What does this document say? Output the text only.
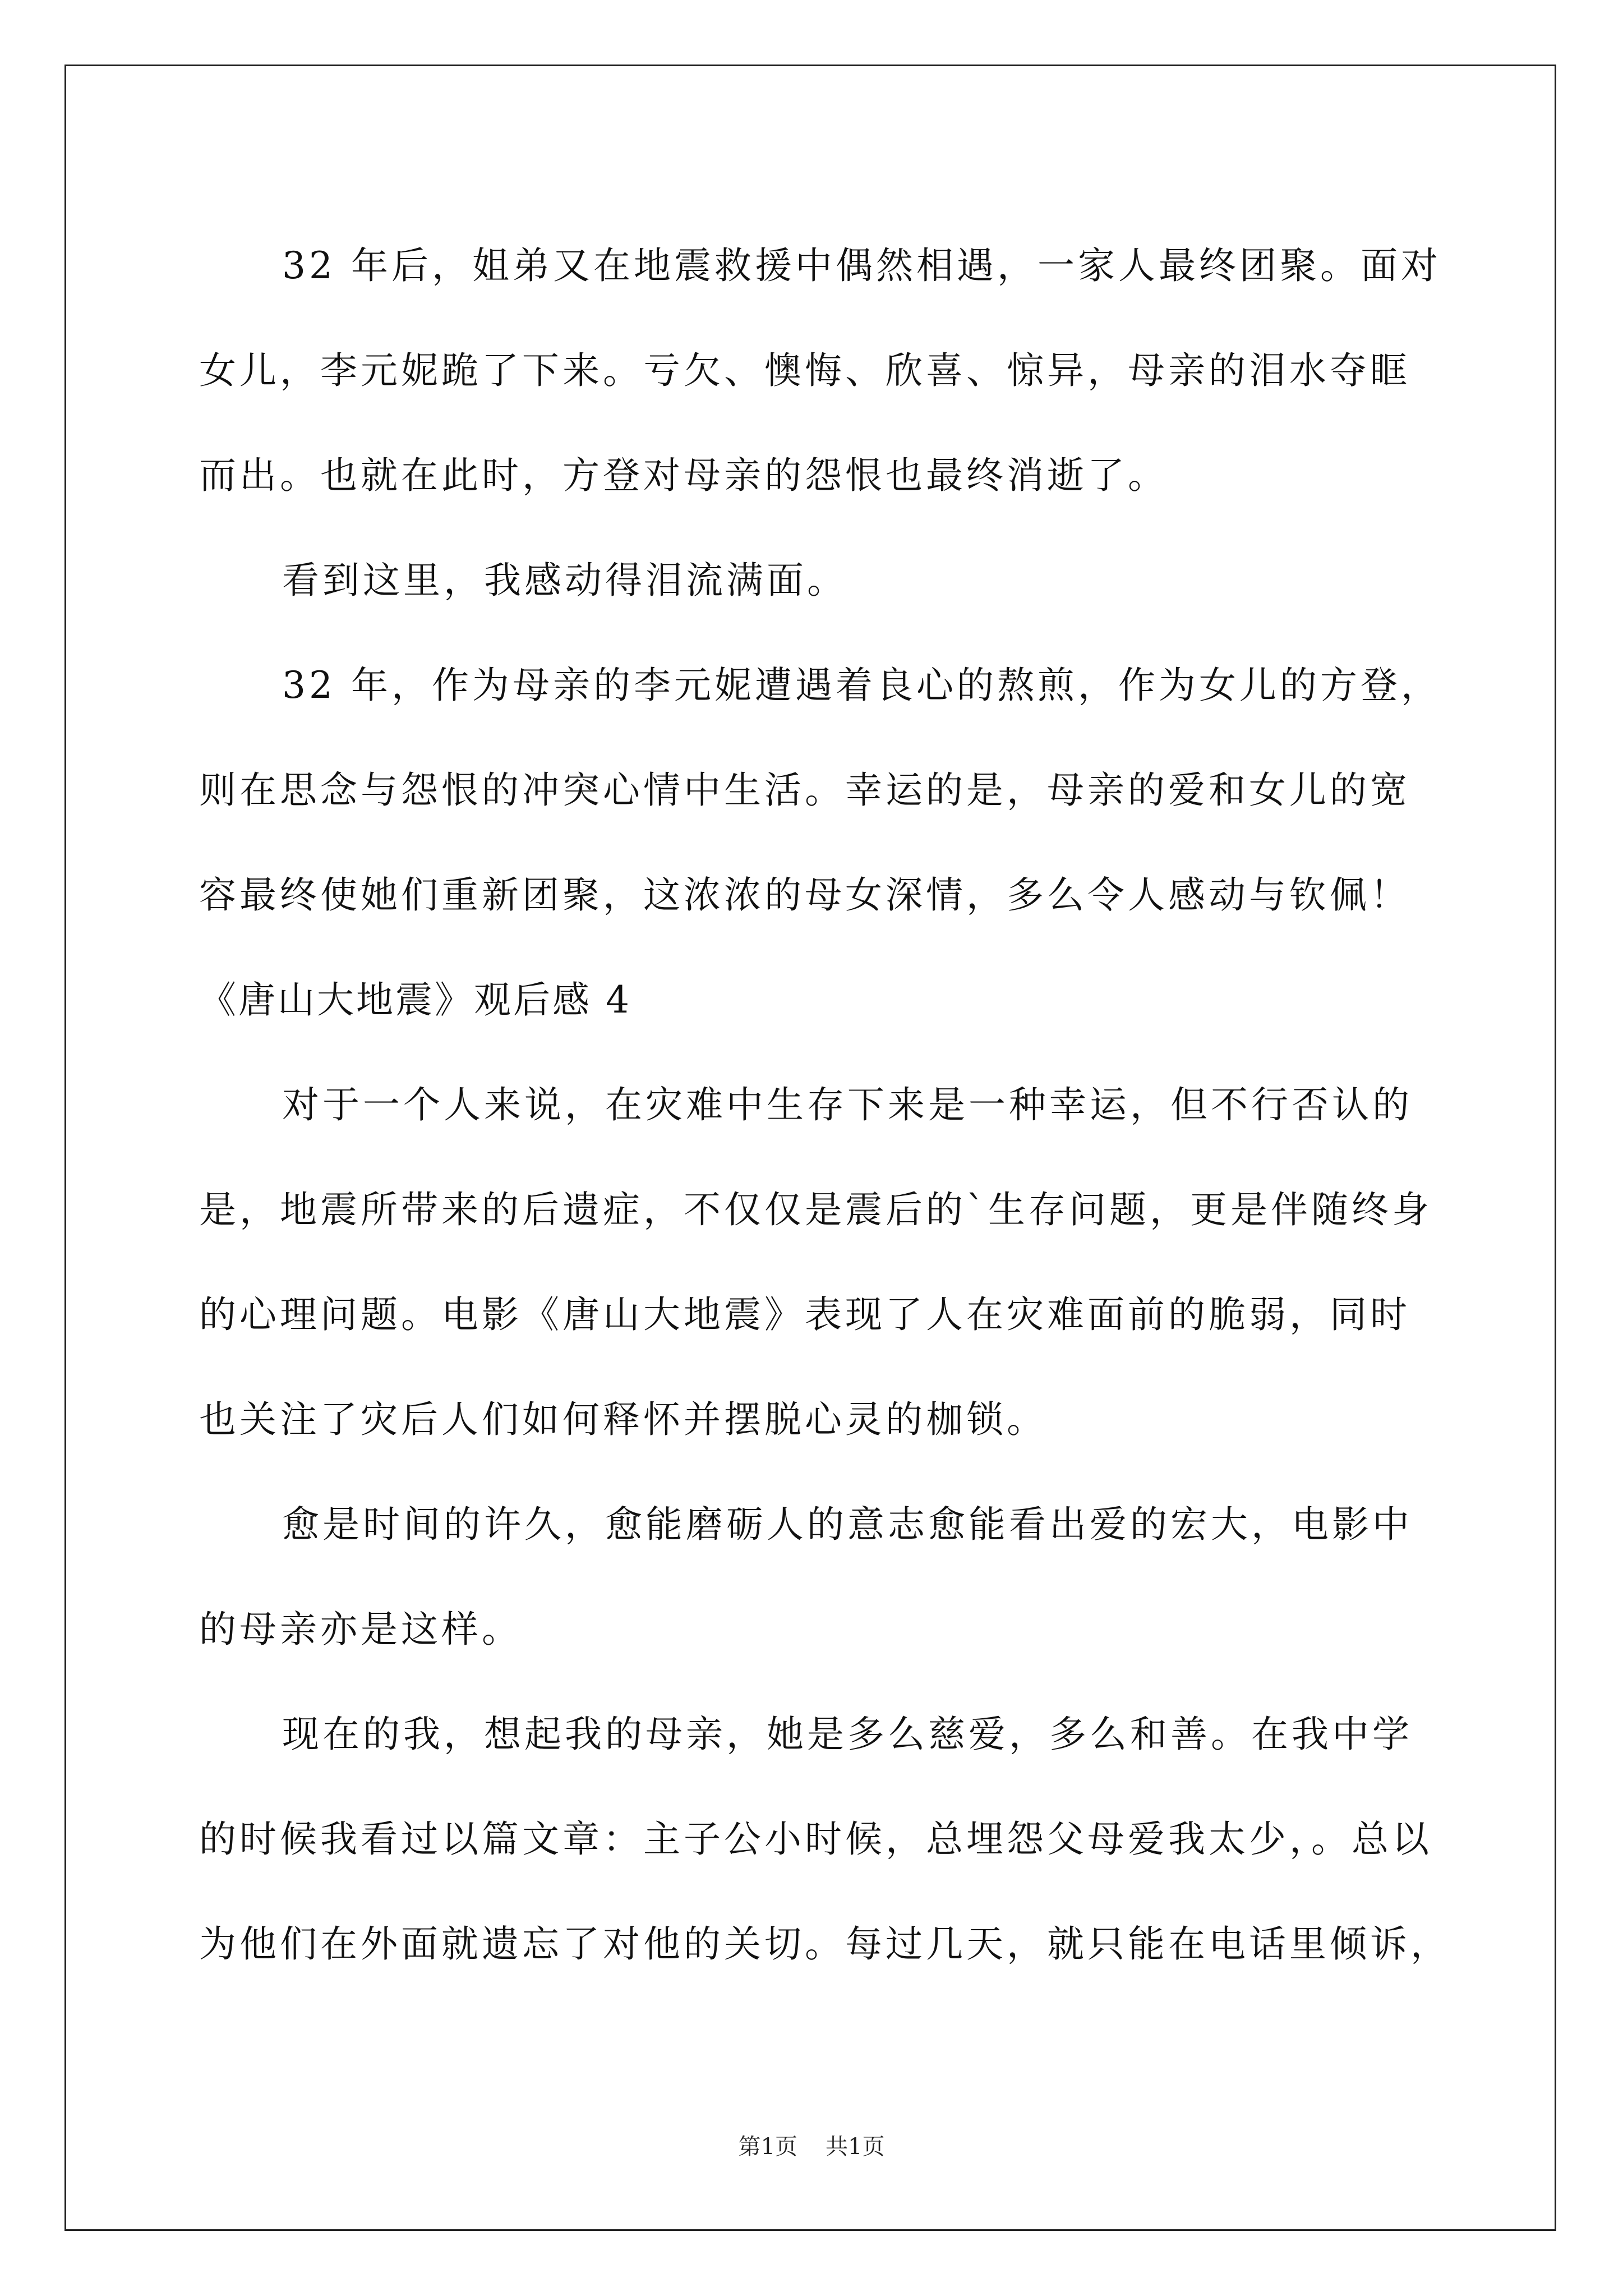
32 年后，姐弟又在地震救援中偶然相遇，一家人最终团聚。面对
女儿，李元妮跪了下来。亏欠、懊悔、欣喜、惊异，母亲的泪水夺眶
而出。也就在此时，方登对母亲的怨恨也最终消逝了。
看到这里，我感动得泪流满面。
32 年，作为母亲的李元妮遭遇着良心的熬煎，作为女儿的方登，
则在思念与怨恨的冲突心情中生活。幸运的是，母亲的爱和女儿的宽
容最终使她们重新团聚，这浓浓的母女深情，多么令人感动与钦佩！
《唐山大地震》观后感 4
对于一个人来说，在灾难中生存下来是一种幸运，但不行否认的
是，地震所带来的后遗症，不仅仅是震后的`生存问题，更是伴随终身
的心理问题。电影《唐山大地震》表现了人在灾难面前的脆弱，同时
也关注了灾后人们如何释怀并摆脱心灵的枷锁。
愈是时间的许久，愈能磨砺人的意志愈能看出爱的宏大，电影中
的母亲亦是这样。
现在的我，想起我的母亲，她是多么慈爱，多么和善。在我中学
的时候我看过以篇文章：主子公小时候，总埋怨父母爱我太少，。总以
为他们在外面就遗忘了对他的关切。每过几天，就只能在电话里倾诉，
第1页 共1页
